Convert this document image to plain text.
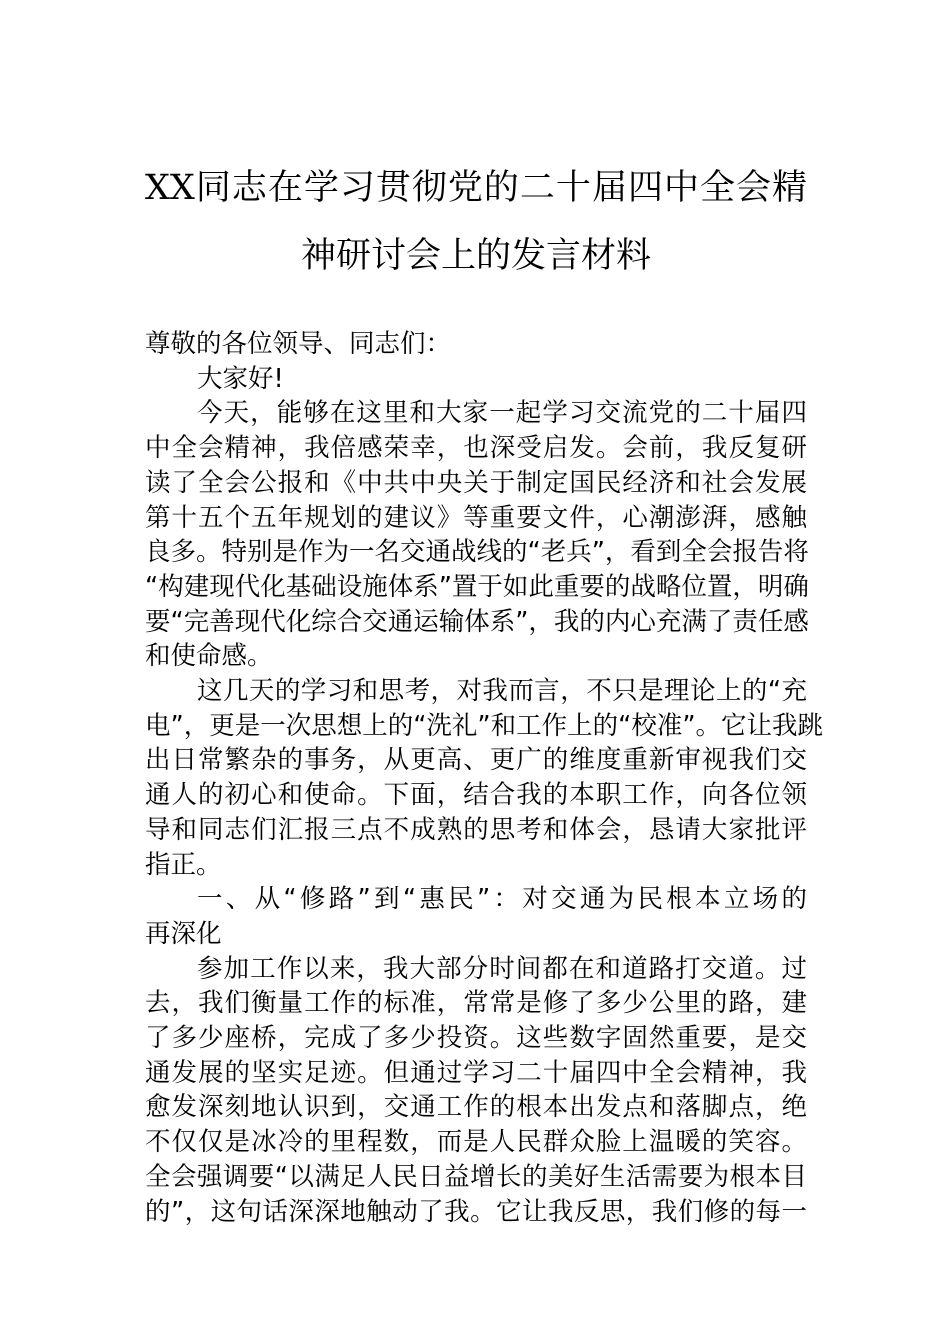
XX同志在学习贯彻党的二十届四中全会精
神研讨会上的发言材料
尊敬的各位领导、同志们：
大家好!
今天，能够在这里和大家一起学习交流党的二十届四
中全会精神，我倍感荣幸，也深受启发。会前，我反复研
读了全会公报和《中共中央关于制定国民经济和社会发展
第十五个五年规划的建议》等重要文件，心潮澎湃，感触
良多。特别是作为一名交通战线的“老兵”，看到全会报告将
“构建现代化基础设施体系”置于如此重要的战略位置，明确
要“完善现代化综合交通运输体系”，我的内心充满了责任感
和使命感。
这几天的学习和思考，对我而言，不只是理论上的“充
电”，更是一次思想上的“洗礼”和工作上的“校准”。它让我跳
出日常繁杂的事务，从更高、更广的维度重新审视我们交
通人的初心和使命。下面，结合我的本职工作，向各位领
导和同志们汇报三点不成熟的思考和体会，恳请大家批评
指正。
一、从“修路”到“惠民”：对交通为民根本立场的
再深化
参加工作以来，我大部分时间都在和道路打交道。过
去，我们衡量工作的标准，常常是修了多少公里的路，建
了多少座桥，完成了多少投资。这些数字固然重要，是交
通发展的坚实足迹。但通过学习二十届四中全会精神，我
愈发深刻地认识到，交通工作的根本出发点和落脚点，绝
不仅仅是冰冷的里程数，而是人民群众脸上温暖的笑容。
全会强调要“以满足人民日益增长的美好生活需要为根本目
的”，这句话深深地触动了我。它让我反思，我们修的每一
